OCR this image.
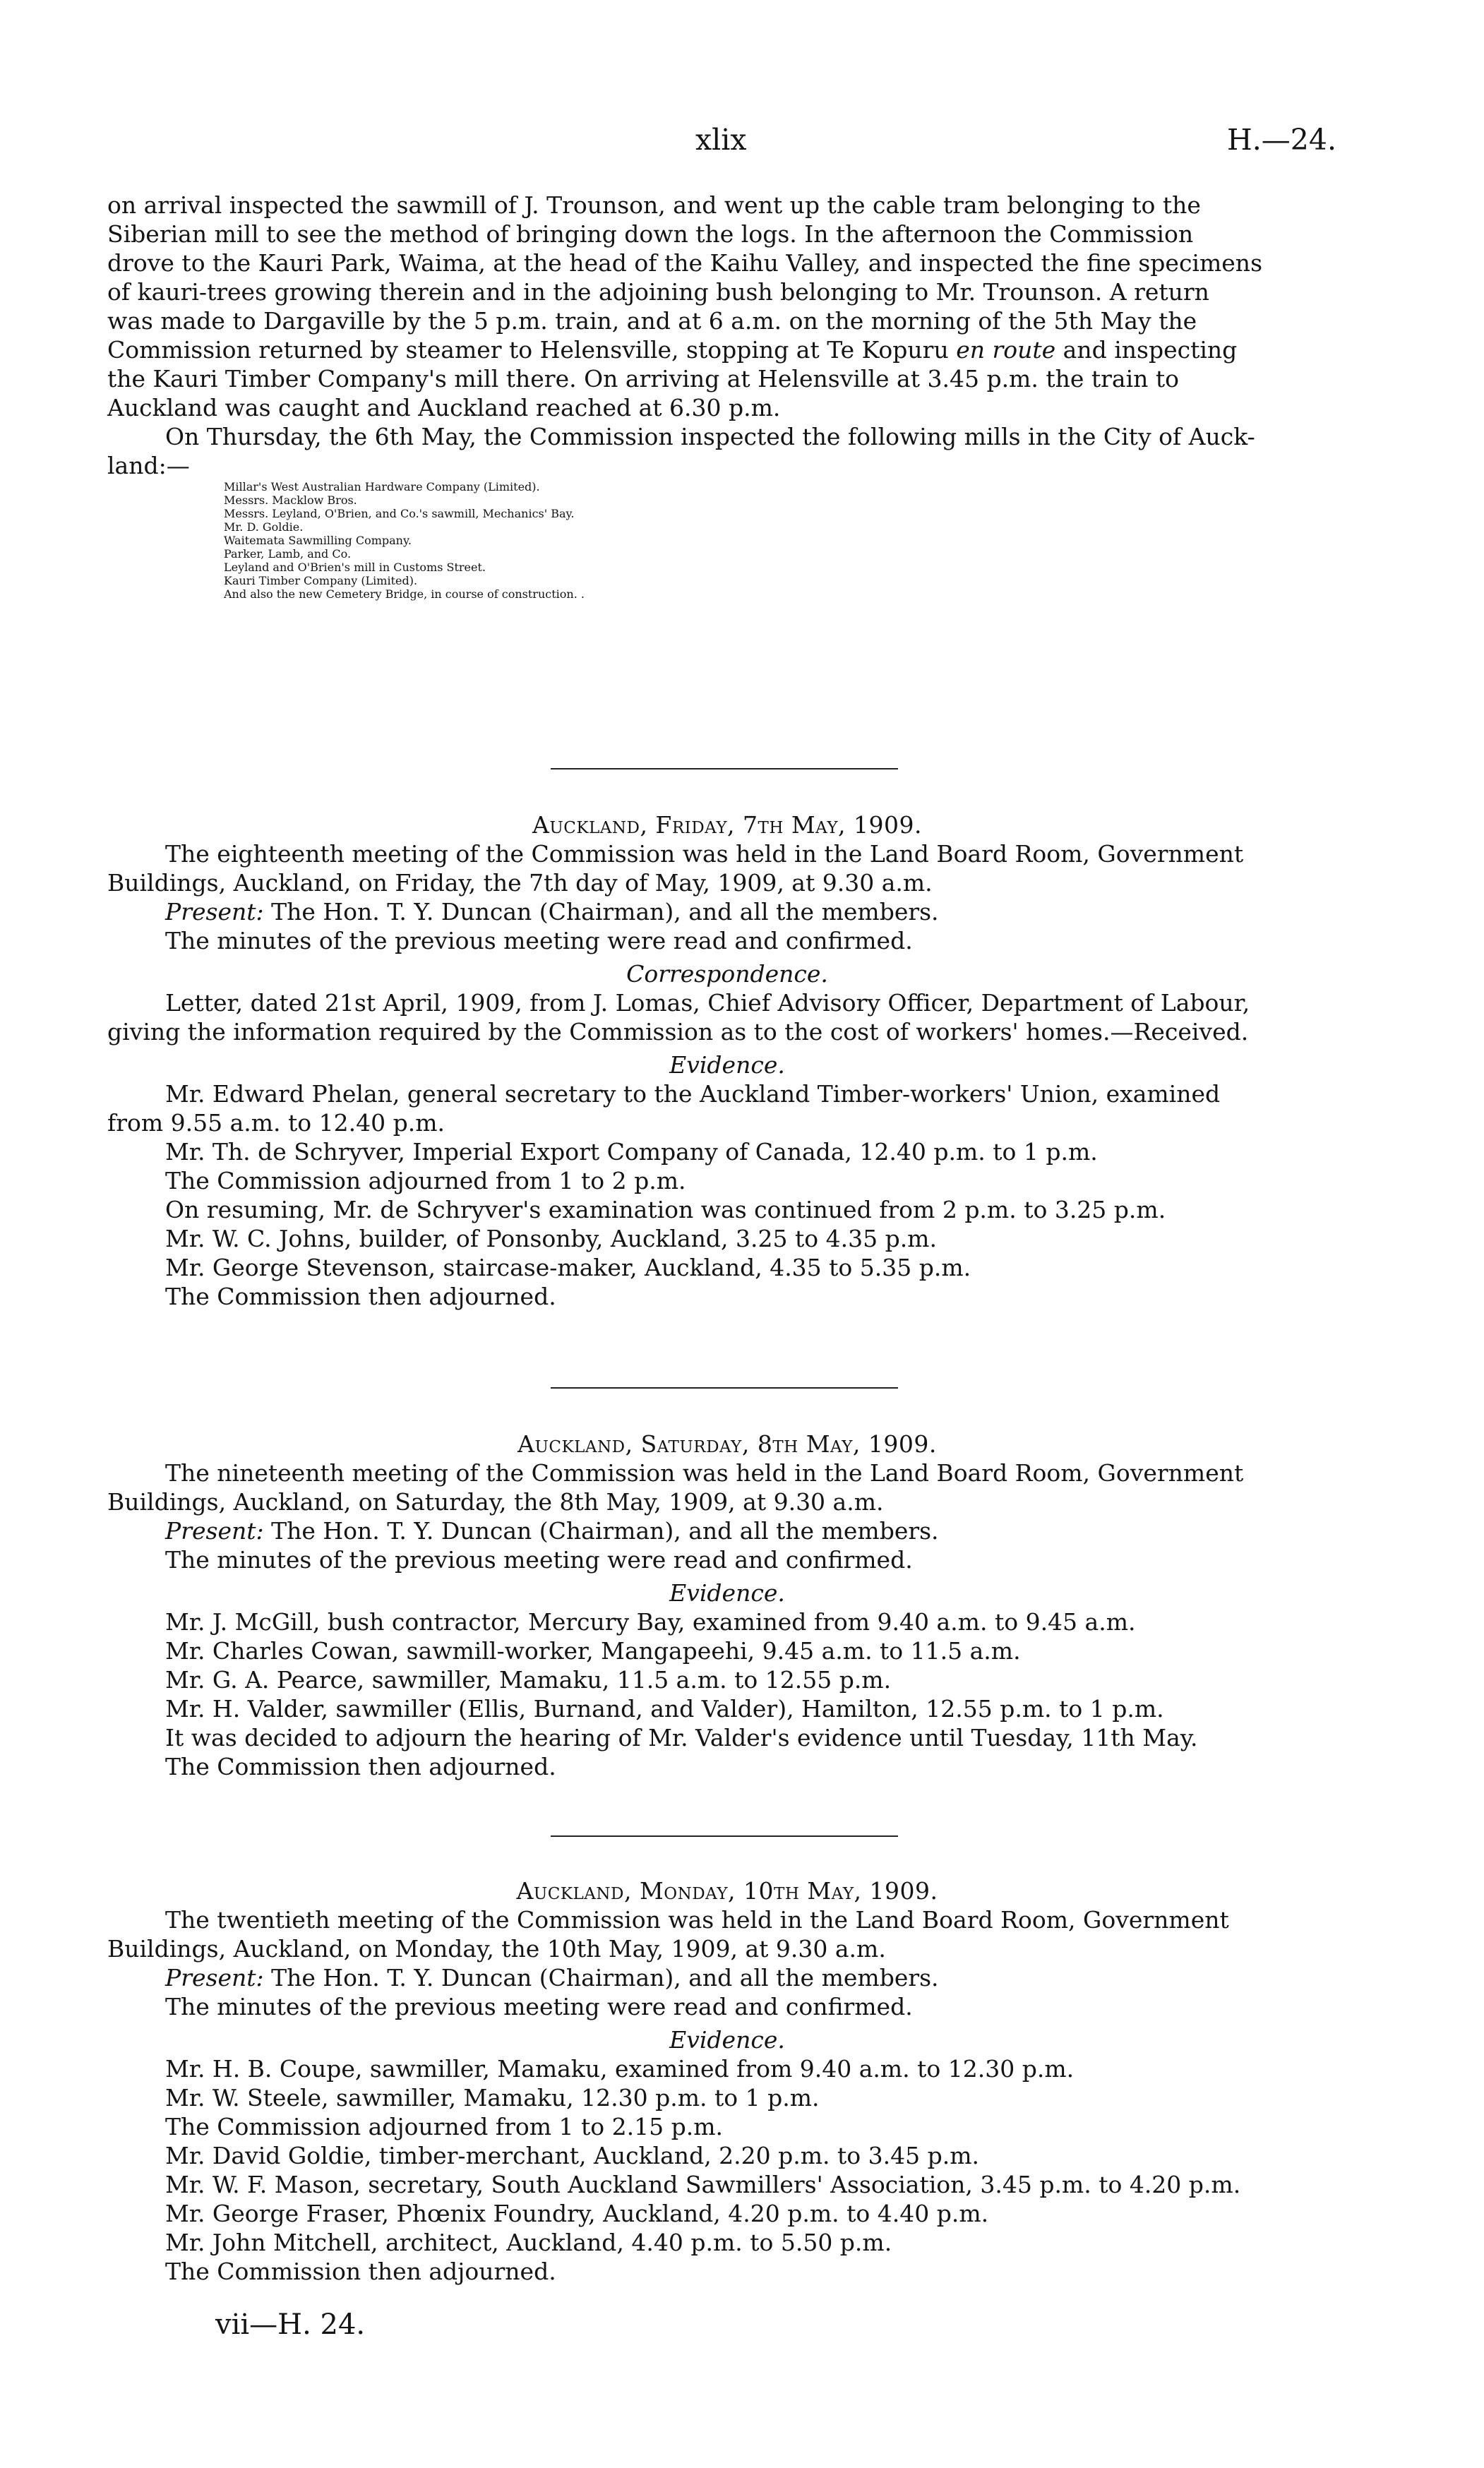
xlix	H.—24.

on arrival inspected the sawmill of J. Trounson, and went up the cable tram belonging to the

Siberian mill to see the method of bringing down the logs. In the afternoon the Commission

drove to the Kauri Park, Waima, at the head of the Kaihu Valley, and inspected the fine specimens

of kauri-trees growing therein and in the adjoining bush belonging to Mr. Trounson. A return

was made to Dargaville by the 5 p.m. train, and at 6 a.m. on the morning of the 5th May the

Commission returned by steamer to Helensville, stopping at Te Kopuru en route and inspecting

the Kauri Timber Company's mill there. On arriving at Helensville at 3.45 p.m. the train to

Auckland was caught and Auckland reached at 6.30 p.m.

On Thursday, the 6th May, the Commission inspected the following mills in the City of Auck-

land:—

Millar's West Australian Hardware Company (Limited).

Messrs. Macklow Bros.

Messrs. Leyland, O'Brien, and Co.'s sawmill, Mechanics' Bay.

Mr. D. Goldie.

Waitemata Sawmilling Company.

Parker, Lamb, and Co.

Leyland and O'Brien's mill in Customs Street.

Kauri Timber Company (Limited).

And also the new Cemetery Bridge, in course of construction. .

Auckland, Friday, 7th May, 1909.

The eighteenth meeting of the Commission was held in the Land Board Room, Government

Buildings, Auckland, on Friday, the 7th day of May, 1909, at 9.30 a.m.

Present: The Hon. T. Y. Duncan (Chairman), and all the members.

The minutes of the previous meeting were read and confirmed.

Correspondence.

Letter, dated 21st April, 1909, from J. Lomas, Chief Advisory Officer, Department of Labour,

giving the information required by the Commission as to the cost of workers' homes.—Received.

Evidence.

Mr. Edward Phelan, general secretary to the Auckland Timber-workers' Union, examined

from 9.55 a.m. to 12.40 p.m.

Mr. Th. de Schryver, Imperial Export Company of Canada, 12.40 p.m. to 1 p.m.

The Commission adjourned from 1 to 2 p.m.

On resuming, Mr. de Schryver's examination was continued from 2 p.m. to 3.25 p.m.

Mr. W. C. Johns, builder, of Ponsonby, Auckland, 3.25 to 4.35 p.m.

Mr. George Stevenson, staircase-maker, Auckland, 4.35 to 5.35 p.m.

The Commission then adjourned.

Auckland, Saturday, 8th May, 1909.

The nineteenth meeting of the Commission was held in the Land Board Room, Government

Buildings, Auckland, on Saturday, the 8th May, 1909, at 9.30 a.m.

Present: The Hon. T. Y. Duncan (Chairman), and all the members.

The minutes of the previous meeting were read and confirmed.

Evidence.

Mr. J. McGill, bush contractor, Mercury Bay, examined from 9.40 a.m. to 9.45 a.m.

Mr. Charles Cowan, sawmill-worker, Mangapeehi, 9.45 a.m. to 11.5 a.m.

Mr. G. A. Pearce, sawmiller, Mamaku, 11.5 a.m. to 12.55 p.m.

Mr. H. Valder, sawmiller (Ellis, Burnand, and Valder), Hamilton, 12.55 p.m. to 1 p.m.

It was decided to adjourn the hearing of Mr. Valder's evidence until Tuesday, 11th May.

The Commission then adjourned.

Auckland, Monday, 10th May, 1909.

The twentieth meeting of the Commission was held in the Land Board Room, Government

Buildings, Auckland, on Monday, the 10th May, 1909, at 9.30 a.m.

Present: The Hon. T. Y. Duncan (Chairman), and all the members.

The minutes of the previous meeting were read and confirmed.

Evidence.

Mr. H. B. Coupe, sawmiller, Mamaku, examined from 9.40 a.m. to 12.30 p.m.

Mr. W. Steele, sawmiller, Mamaku, 12.30 p.m. to 1 p.m.

The Commission adjourned from 1 to 2.15 p.m.

Mr. David Goldie, timber-merchant, Auckland, 2.20 p.m. to 3.45 p.m.

Mr. W. F. Mason, secretary, South Auckland Sawmillers' Association, 3.45 p.m. to 4.20 p.m.

Mr. George Fraser, Phœnix Foundry, Auckland, 4.20 p.m. to 4.40 p.m.

Mr. John Mitchell, architect, Auckland, 4.40 p.m. to 5.50 p.m.

The Commission then adjourned.

vii—H. 24.
